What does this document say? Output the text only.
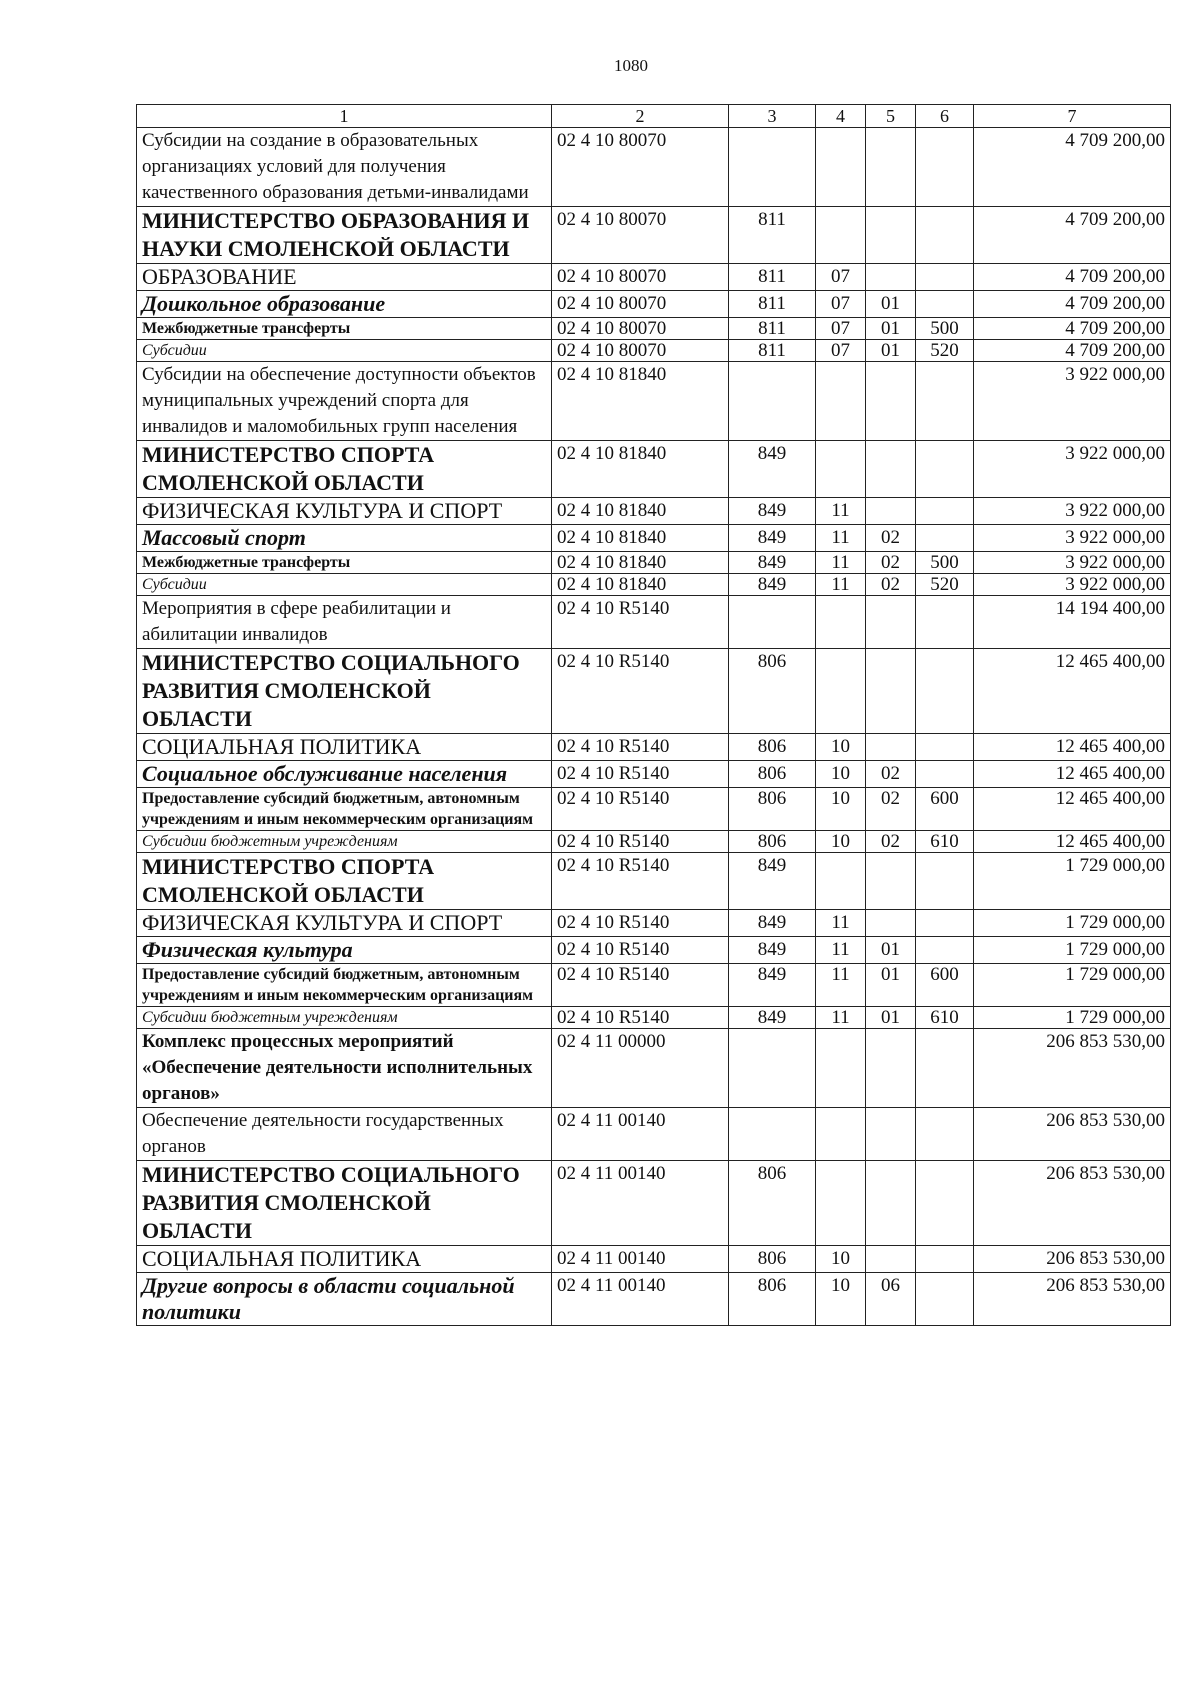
1080
1	2	3	4	5	6	7
Субсидии на создание в образовательных организациях условий для получения качественного образования детьми-инвалидами	02 4 10 80070					4 709 200,00
МИНИСТЕРСТВО ОБРАЗОВАНИЯ И НАУКИ СМОЛЕНСКОЙ ОБЛАСТИ	02 4 10 80070	811				4 709 200,00
ОБРАЗОВАНИЕ	02 4 10 80070	811	07			4 709 200,00
Дошкольное образование	02 4 10 80070	811	07	01		4 709 200,00
Межбюджетные трансферты	02 4 10 80070	811	07	01	500	4 709 200,00
Субсидии	02 4 10 80070	811	07	01	520	4 709 200,00
Субсидии на обеспечение доступности объектов муниципальных учреждений спорта для инвалидов и маломобильных групп населения	02 4 10 81840					3 922 000,00
МИНИСТЕРСТВО СПОРТА СМОЛЕНСКОЙ ОБЛАСТИ	02 4 10 81840	849				3 922 000,00
ФИЗИЧЕСКАЯ КУЛЬТУРА И СПОРТ	02 4 10 81840	849	11			3 922 000,00
Массовый спорт	02 4 10 81840	849	11	02		3 922 000,00
Межбюджетные трансферты	02 4 10 81840	849	11	02	500	3 922 000,00
Субсидии	02 4 10 81840	849	11	02	520	3 922 000,00
Мероприятия в сфере реабилитации и абилитации инвалидов	02 4 10 R5140					14 194 400,00
МИНИСТЕРСТВО СОЦИАЛЬНОГО РАЗВИТИЯ СМОЛЕНСКОЙ ОБЛАСТИ	02 4 10 R5140	806				12 465 400,00
СОЦИАЛЬНАЯ ПОЛИТИКА	02 4 10 R5140	806	10			12 465 400,00
Социальное обслуживание населения	02 4 10 R5140	806	10	02		12 465 400,00
Предоставление субсидий бюджетным, автономным учреждениям и иным некоммерческим организациям	02 4 10 R5140	806	10	02	600	12 465 400,00
Субсидии бюджетным учреждениям	02 4 10 R5140	806	10	02	610	12 465 400,00
МИНИСТЕРСТВО СПОРТА СМОЛЕНСКОЙ ОБЛАСТИ	02 4 10 R5140	849				1 729 000,00
ФИЗИЧЕСКАЯ КУЛЬТУРА И СПОРТ	02 4 10 R5140	849	11			1 729 000,00
Физическая культура	02 4 10 R5140	849	11	01		1 729 000,00
Предоставление субсидий бюджетным, автономным учреждениям и иным некоммерческим организациям	02 4 10 R5140	849	11	01	600	1 729 000,00
Субсидии бюджетным учреждениям	02 4 10 R5140	849	11	01	610	1 729 000,00
Комплекс процессных мероприятий «Обеспечение деятельности исполнительных органов»	02 4 11 00000					206 853 530,00
Обеспечение деятельности государственных органов	02 4 11 00140					206 853 530,00
МИНИСТЕРСТВО СОЦИАЛЬНОГО РАЗВИТИЯ СМОЛЕНСКОЙ ОБЛАСТИ	02 4 11 00140	806				206 853 530,00
СОЦИАЛЬНАЯ ПОЛИТИКА	02 4 11 00140	806	10			206 853 530,00
Другие вопросы в области социальной политики	02 4 11 00140	806	10	06		206 853 530,00
